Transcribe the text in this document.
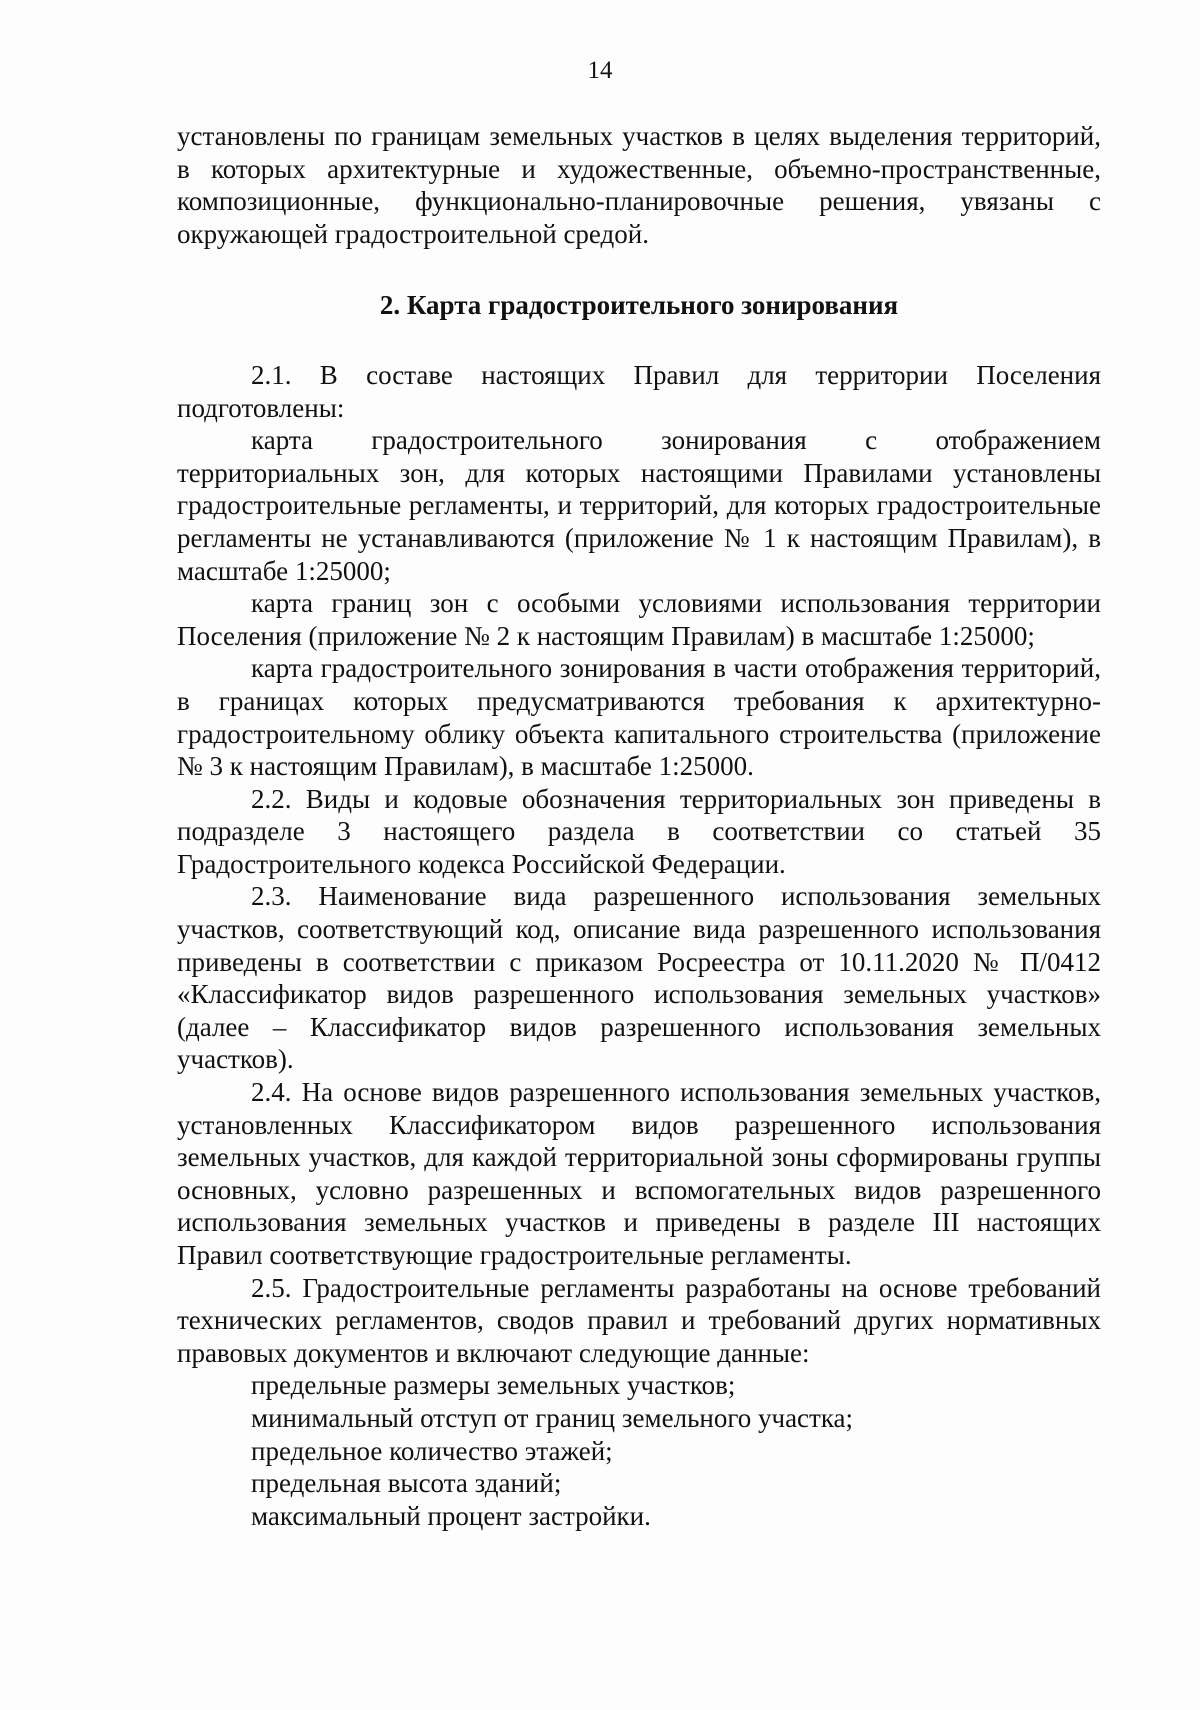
14

установлены по границам земельных участков в целях выделения территорий, в которых архитектурные и художественные, объемно-пространственные, композиционные, функционально-планировочные решения, увязаны с окружающей градостроительной средой.

2. Карта градостроительного зонирования

2.1. В составе настоящих Правил для территории Поселения подготовлены:

карта градостроительного зонирования с отображением территориальных зон, для которых настоящими Правилами установлены градостроительные регламенты, и территорий, для которых градостроительные регламенты не устанавливаются (приложение № 1 к настоящим Правилам), в масштабе 1:25000;

карта границ зон с особыми условиями использования территории Поселения (приложение № 2 к настоящим Правилам) в масштабе 1:25000;

карта градостроительного зонирования в части отображения территорий, в границах которых предусматриваются требования к архитектурно-градостроительному облику объекта капитального строительства (приложение № 3 к настоящим Правилам), в масштабе 1:25000.

2.2. Виды и кодовые обозначения территориальных зон приведены в подразделе 3 настоящего раздела в соответствии со статьей 35 Градостроительного кодекса Российской Федерации.

2.3. Наименование вида разрешенного использования земельных участков, соответствующий код, описание вида разрешенного использования приведены в соответствии с приказом Росреестра от 10.11.2020 № П/0412 «Классификатор видов разрешенного использования земельных участков» (далее – Классификатор видов разрешенного использования земельных участков).

2.4. На основе видов разрешенного использования земельных участков, установленных Классификатором видов разрешенного использования земельных участков, для каждой территориальной зоны сформированы группы основных, условно разрешенных и вспомогательных видов разрешенного использования земельных участков и приведены в разделе III настоящих Правил соответствующие градостроительные регламенты.

2.5. Градостроительные регламенты разработаны на основе требований технических регламентов, сводов правил и требований других нормативных правовых документов и включают следующие данные:

предельные размеры земельных участков;

минимальный отступ от границ земельного участка;

предельное количество этажей;

предельная высота зданий;

максимальный процент застройки.
